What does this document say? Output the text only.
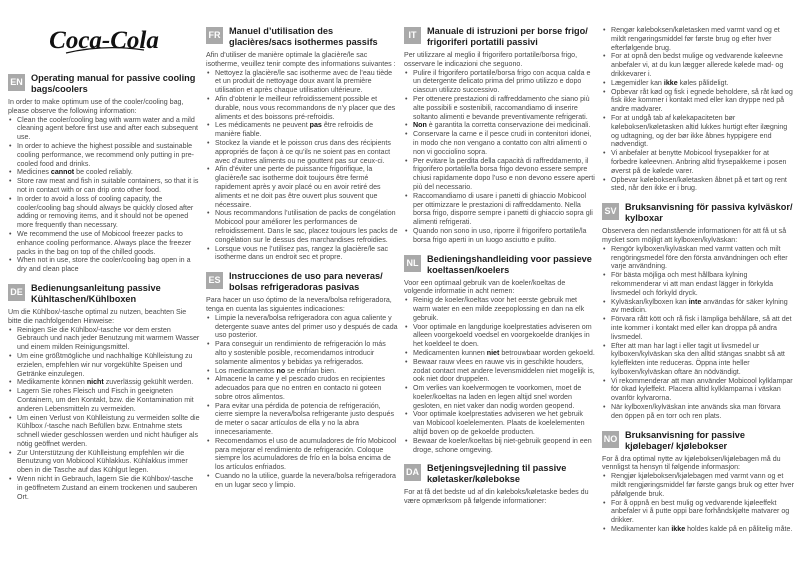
Coca-Cola
EN Operating manual for passive cooling bags/coolers

In order to make optimum use of the cooler/cooling bag, please observe the following information:

• Clean the cooler/cooling bag with warm water and a mild cleaning agent before first use and after each subsequent use.
• In order to achieve the highest possible and sustainable cooling performance, we recommend only putting in pre-cooled food and drinks.
• Medicines cannot be cooled reliably.
• Store raw meat and fish in suitable containers, so that it is not in contact with or can drip onto other food.
• In order to avoid a loss of cooling capacity, the cooler/cooling bag should always be quickly closed after adding or removing items, and it should not be opened more frequently than necessary.
• We recommend the use of Mobicool freezer packs to enhance cooling performance. Always place the freezer packs in the bag on top of the chilled goods.
• When not in use, store the cooler/cooling bag open in a dry and clean place
DE Bedienungsanleitung passive Kühltaschen/Kühlboxen

Um die Kühlbox/-tasche optimal zu nutzen, beachten Sie bitte die nachfolgenden Hinweise:

• Reinigen Sie die Kühlbox/-tasche vor dem ersten Gebrauch und nach jeder Benutzung mit warmem Wasser und einem milden Reinigungsmittel.
• Um eine größtmögliche und nachhaltige Kühlleistung zu erzielen, empfehlen wir nur vorgekühlte Speisen und Getränke einzulegen.
• Medikamente können nicht zuverlässig gekühlt werden.
• Lagern Sie rohes Fleisch und Fisch in geeigneten Containern, um den Kontakt, bzw. die Kontamination mit anderen Lebensmitteln zu vermeiden.
• Um einen Verlust von Kühlleistung zu vermeiden sollte die Kühlbox /-tasche nach Befüllen bzw. Entnahme stets schnell wieder geschlossen werden und nicht häufiger als nötig geöffnet werden.
• Zur Unterstützung der Kühlleistung empfehlen wir die Benutzung von Mobicool Kühlakkus. Kühlakkus immer oben in die Tasche auf das Kühlgut legen.
• Wenn nicht in Gebrauch, lagern Sie die Kühlbox/-tasche in geöffnetem Zustand an einem trockenen und sauberen Ort.
FR Manuel d’utilisation des glacières/sacs isothermes passifs

Afin d’utiliser de manière optimale la glacière/le sac isotherme, veuillez tenir compte des informations suivantes :

• Nettoyez la glacière/le sac isotherme avec de l’eau tiède et un produit de nettoyage doux avant la première utilisation et après chaque utilisation ultérieure.
• Afin d’obtenir le meilleur refroidissement possible et durable, nous vous recommandons de n’y placer que des aliments et des boissons pré-refroidis.
• Les médicaments ne peuvent pas être refroidis de manière fiable.
• Stockez la viande et le poisson crus dans des récipients appropriés de façon à ce qu’ils ne soient pas en contact avec d’autres aliments ou ne gouttent pas sur ceux-ci.
• Afin d’éviter une perte de puissance frigorifique, la glacière/le sac isotherme doit toujours être fermé rapidement après y avoir placé ou en avoir retiré des aliments et ne doit pas être ouvert plus souvent que nécessaire.
• Nous recommandons l’utilisation de packs de congélation Mobicool pour améliorer les performances de refroidissement. Dans le sac, placez toujours les packs de congélation sur le dessus des marchandises refroidies.
• Lorsque vous ne l’utilisez pas, rangez la glacière/le sac isotherme dans un endroit sec et propre.
ES Instrucciones de uso para neveras/ bolsas refrigeradoras pasivas

Para hacer un uso óptimo de la nevera/bolsa refrigeradora, tenga en cuenta las siguientes indicaciones:

• Limpie la nevera/bolsa refrigeradora con agua caliente y detergente suave antes del primer uso y después de cada uso posterior.
• Para conseguir un rendimiento de refrigeración lo más alto y sostenible posible, recomendamos introducir solamente alimentos y bebidas ya refrigerados.
• Los medicamentos no se enfrían bien.
• Almacene la carne y el pescado crudos en recipientes adecuados para que no entren en contacto ni goteen sobre otros alimentos.
• Para evitar una pérdida de potencia de refrigeración, cierre siempre la nevera/bolsa refrigerante justo después de meter o sacar artículos de ella y no la abra innecesariamente.
• Recomendamos el uso de acumuladores de frío Mobicool para mejorar el rendimiento de refrigeración. Coloque siempre los acumuladores de frío en la bolsa encima de los artículos enfriados.
• Cuando no la utilice, guarde la nevera/bolsa refrigeradora en un lugar seco y limpio.
IT	Manuale di istruzioni per borse frigo/ frigoriferi portatili passivi

Per utilizzare al meglio il frigorifero portatile/borsa frigo, osservare le indicazioni che seguono.

• Pulire il frigorifero portatile/borsa frigo con acqua calda e un detergente delicato prima del primo utilizzo e dopo ciascun utilizzo successivo.
• Per ottenere prestazioni di raffreddamento che siano più alte possibili e sostenibili, raccomandiamo di inserire soltanto alimenti e bevande preventivamente refrigerati.
• Non è garantita la corretta conservazione dei medicinali.
• Conservare la carne e il pesce crudi in contenitori idonei, in modo che non vengano a contatto con altri alimenti o non vi gocciolino sopra.
• Per evitare la perdita della capacità di raffreddamento, il frigorifero portatile/la borsa frigo devono essere sempre chiusi rapidamente dopo l’uso e non devono essere aperti più del necessario.
• Raccomandiamo di usare i panetti di ghiaccio Mobicool per ottimizzare le prestazioni di raffreddamento. Nella borsa frigo, disporre sempre i panetti di ghiaccio sopra gli alimenti refrigerati.
• Quando non sono in uso, riporre il frigorifero portatile/la borsa frigo aperti in un luogo asciutto e pulito.
NL Bedieningshandleiding voor passieve koeltassen/koelers

Voor een optimaal gebruik van de koeler/koeltas de volgende informatie in acht nemen:

• Reinig de koeler/koeltas voor het eerste gebruik met warm water en een milde zeepoplossing en dan na elk gebruik.
• Voor optimale en langdurige koelprestaties adviseren om alleen voorgekoeld voedsel en voorgekoelde drankjes in het koeldeel te doen.
• Medicamenten kunnen niet betrouwbaar worden gekoeld.
• Bewaar rauw vlees en rauwe vis in geschikte houders, zodat contact met andere levensmiddelen niet mogelijk is, ook niet door druppelen.
• Om verlies van koelvermogen te voorkomen, moet de koeler/koeltas na laden en legen altijd snel worden gesloten, en niet vaker dan nodig worden geopend.
• Voor optimale koelprestaties adviseren we het gebruik van Mobicool koelelementen. Plaats de koelelementen altijd boven op de gekoelde producten.
• Bewaar de koeler/koeltas bij niet-gebruik geopend in een droge, schone omgeving.
DA Betjeningsvejledning til passive køletasker/kølebokse

For at få det bedste ud af din køleboks/køletaske bedes du være opmærksom på følgende informationer:

• Rengør køleboksen/køletasken med varmt vand og et mildt rengøringsmiddel før første brug og efter hver efterfølgende brug.
• For at opnå den bedst mulige og vedvarende køleevne anbefaler vi, at du kun lægger allerede kølede mad- og drikkevarer i.
• Lægemidler kan ikke køles pålideligt.
• Opbevar råt kød og fisk i egnede beholdere, så råt kød og fisk ikke kommer i kontakt med eller kan dryppe ned på andre madvarer.
• For at undgå tab af kølekapaciteten bør køleboksen/køletasken altid lukkes hurtigt efter ilægning og udtagning, og der bør ikke åbnes hyppigere end nødvendigt.
• Vi anbefaler at benytte Mobicool frysepakker for at forbedre køleevnen. Anbring altid frysepakkerne i posen øverst på de kølede varer.
• Opbevar køleboksen/køletasken åbnet på et tørt og rent sted, når den ikke er i brug.
SV Bruksanvisning för passiva kylväskor/ kylboxar

Observera den nedanstående informationen för att få ut så mycket som möjligt att kylboxen/kylväskan:

• Rengör kylboxen/kylväskan med varmt vatten och milt rengöringsmedel före den första användningen och efter varje användning.
• För bästa möjliga och mest hållbara kylning rekommenderar vi att man endast lägger in förkylda livsmedel och förkyld dryck.
• Kylväskan/kylboxen kan inte användas för säker kylning av medicin.
• Förvara rått kött och rå fisk i lämpliga behållare, så att det inte kommer i kontakt med eller kan droppa på andra livsmedel.
• Efter att man har lagt i eller tagit ut livsmedel ur kylboxen/kylväskan ska den alltid stängas snabbt så att kyleffekten inte reduceras. Öppna inte heller kylboxen/kylväskan oftare än nödvändigt.
• Vi rekommenderar att man använder Mobicool kylklampar för ökad kyleffekt. Placera alltid kylklamparna i väskan ovanför kylvarorna.
• När kylboxen/kylväskan inte används ska man förvara den öppen på en torr och ren plats.
NO Bruksanvisning for passive kjølebager/ kjølebokser

For å dra optimal nytte av kjøleboksen/kjølebagen må du vennligst ta hensyn til følgende informasjon:

• Rengjør kjøleboksen/kjølebagen med varmt vann og et mildt rengjøringsmiddel før første gangs bruk og etter hver påfølgende bruk.
• For å oppnå en best mulig og vedvarende kjøleeffekt anbefaler vi å putte oppi bare forhåndskjølte matvarer og drikker.
• Medikamenter kan ikke holdes kalde på en pålitelig måte.
